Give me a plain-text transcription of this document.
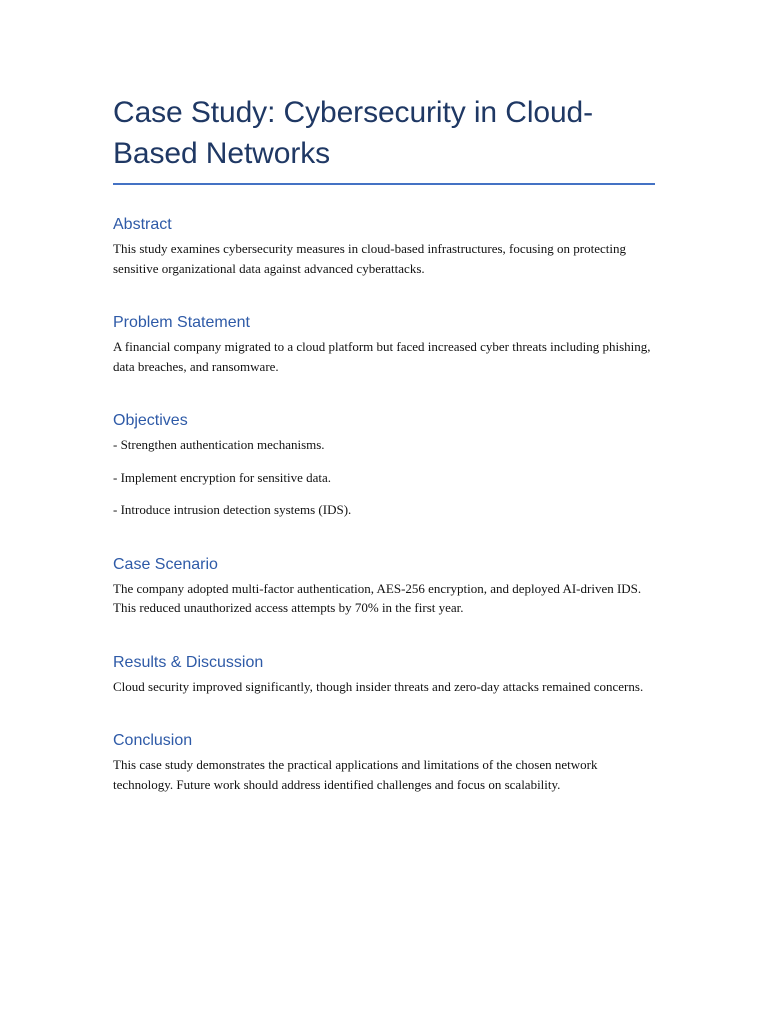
Case Study: Cybersecurity in Cloud-Based Networks
Abstract

This study examines cybersecurity measures in cloud-based infrastructures, focusing on protecting sensitive organizational data against advanced cyberattacks.

Problem Statement

A financial company migrated to a cloud platform but faced increased cyber threats including phishing, data breaches, and ransomware.

Objectives

- Strengthen authentication mechanisms.

- Implement encryption for sensitive data.

- Introduce intrusion detection systems (IDS).

Case Scenario

The company adopted multi-factor authentication, AES-256 encryption, and deployed AI-driven IDS. This reduced unauthorized access attempts by 70% in the first year.

Results & Discussion

Cloud security improved significantly, though insider threats and zero-day attacks remained concerns.

Conclusion

This case study demonstrates the practical applications and limitations of the chosen network technology. Future work should address identified challenges and focus on scalability.
